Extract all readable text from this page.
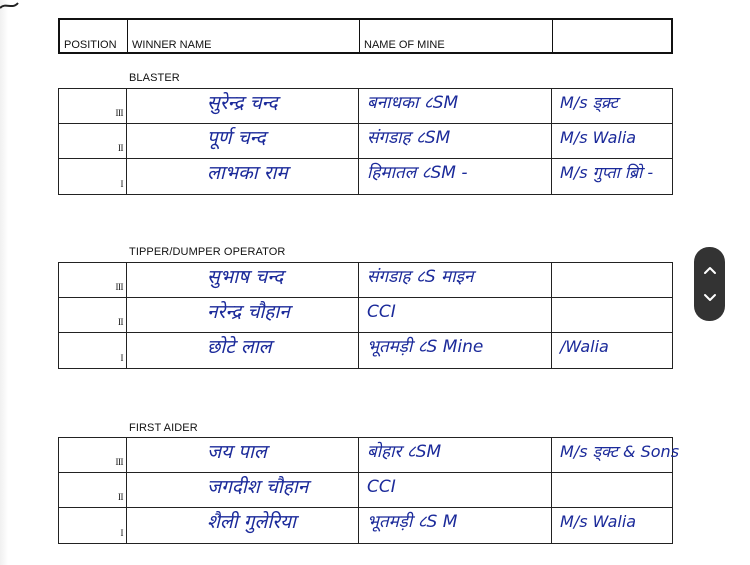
POSITION	WINNER NAME	NAME OF MINE
BLASTER
III	सुरेन्द्र चन्द	बनाधका ८SM	M/s ड्क्र्ट
II	पूर्ण चन्द	संगडाह ८SM	M/s Walia
I	लाभका राम	हिमातल ८SM -	M/s गुप्ता ब्रिो -
TIPPER/DUMPER OPERATOR
III	सुभाष चन्द	संगडाह ८S माइन
II	नरेन्द्र चौहान	CCI
I	छोटे लाल	भूतमड़ी ८S Mine	/Walia
FIRST AIDER
III	जय पाल	बोहार ८SM	M/s ड्क्ट & Sons
II	जगदीश चौहान	CCI
I	शैली गुलेरिया	भूतमड़ी ८S M	M/s Walia
